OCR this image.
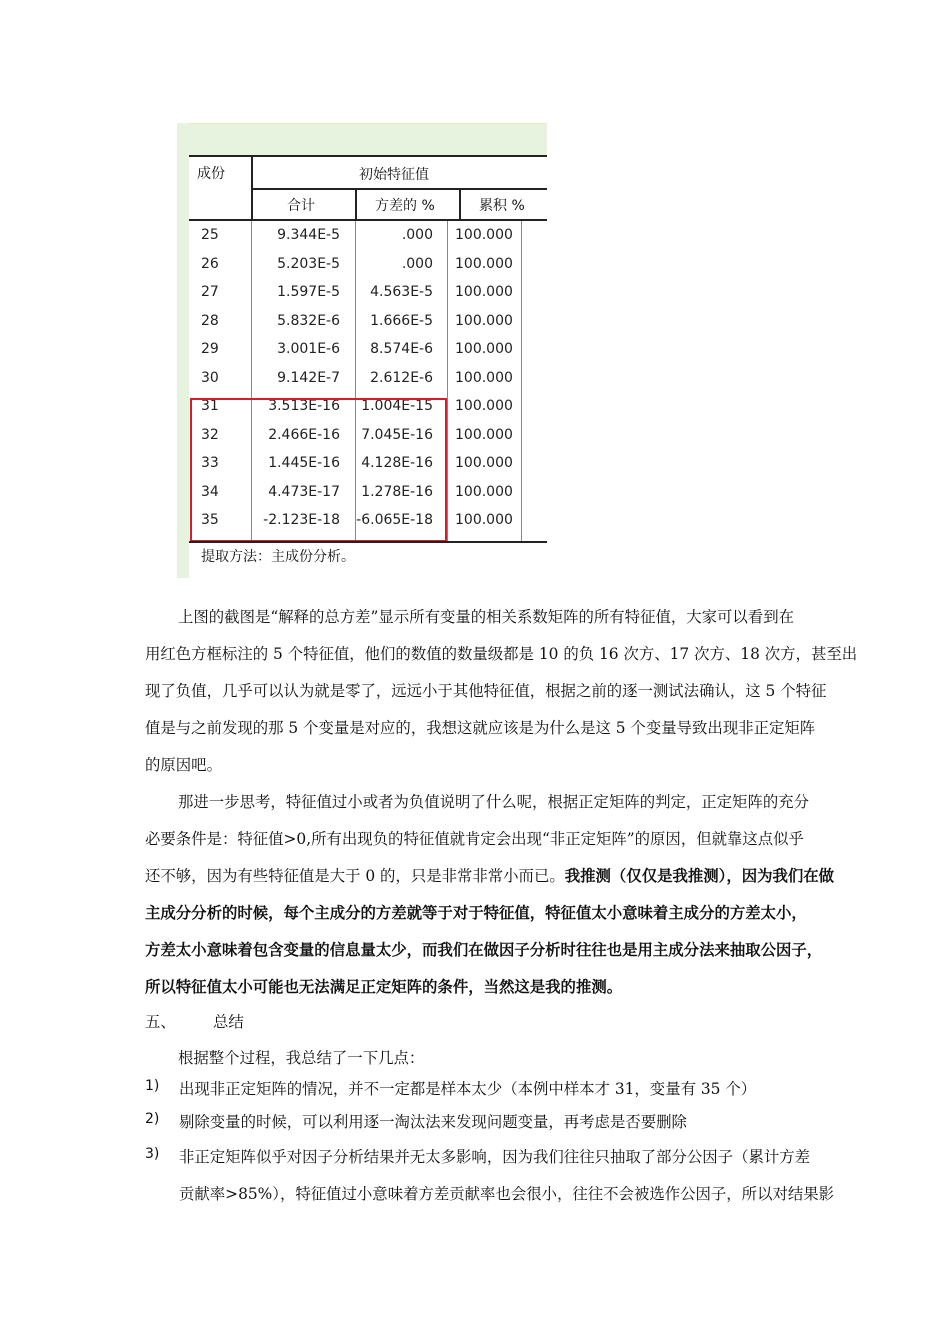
成份	初始特征值
合计	方差的 %	累积 %
25	9.344E-5	.000 100.000
26	5.203E-5	.000 100.000
27	1.597E-5 4.563E-5 100.000
28	5.832E-6 1.666E-5 100.000
29	3.001E-6 8.574E-6 100.000
30	9.142E-7 2.612E-6 100.000
31	3.513E-16 1.004E-15 100.000
32	2.466E-16 7.045E-16 100.000
33	1.445E-16 4.128E-16 100.000
34	4.473E-17 1.278E-16 100.000
35	-2.123E-18 -6.065E-18 100.000
提取方法：主成份分析。
上图的截图是“解释的总方差”显示所有变量的相关系数矩阵的所有特征值，大家可以看到在
用红色方框标注的 5 个特征值，他们的数值的数量级都是 10 的负 16 次方、17 次方、18 次方，甚至出
现了负值，几乎可以认为就是零了，远远小于其他特征值，根据之前的逐一测试法确认，这 5 个特征
值是与之前发现的那 5 个变量是对应的，我想这就应该是为什么是这 5 个变量导致出现非正定矩阵
的原因吧。
那进一步思考，特征值过小或者为负值说明了什么呢，根据正定矩阵的判定，正定矩阵的充分
必要条件是：特征值>0,所有出现负的特征值就肯定会出现“非正定矩阵”的原因，但就靠这点似乎
还不够，因为有些特征值是大于 0 的，只是非常非常小而已。我推测（仅仅是我推测），因为我们在做
主成分分析的时候，每个主成分的方差就等于对于特征值，特征值太小意味着主成分的方差太小，
方差太小意味着包含变量的信息量太少，而我们在做因子分析时往往也是用主成分法来抽取公因子，
所以特征值太小可能也无法满足正定矩阵的条件，当然这是我的推测。
五、 总结
根据整个过程，我总结了一下几点：
1) 出现非正定矩阵的情况，并不一定都是样本太少（本例中样本才 31，变量有 35 个）
2) 剔除变量的时候，可以利用逐一淘汰法来发现问题变量，再考虑是否要删除
3) 非正定矩阵似乎对因子分析结果并无太多影响，因为我们往往只抽取了部分公因子（累计方差
贡献率>85%），特征值过小意味着方差贡献率也会很小，往往不会被选作公因子，所以对结果影
